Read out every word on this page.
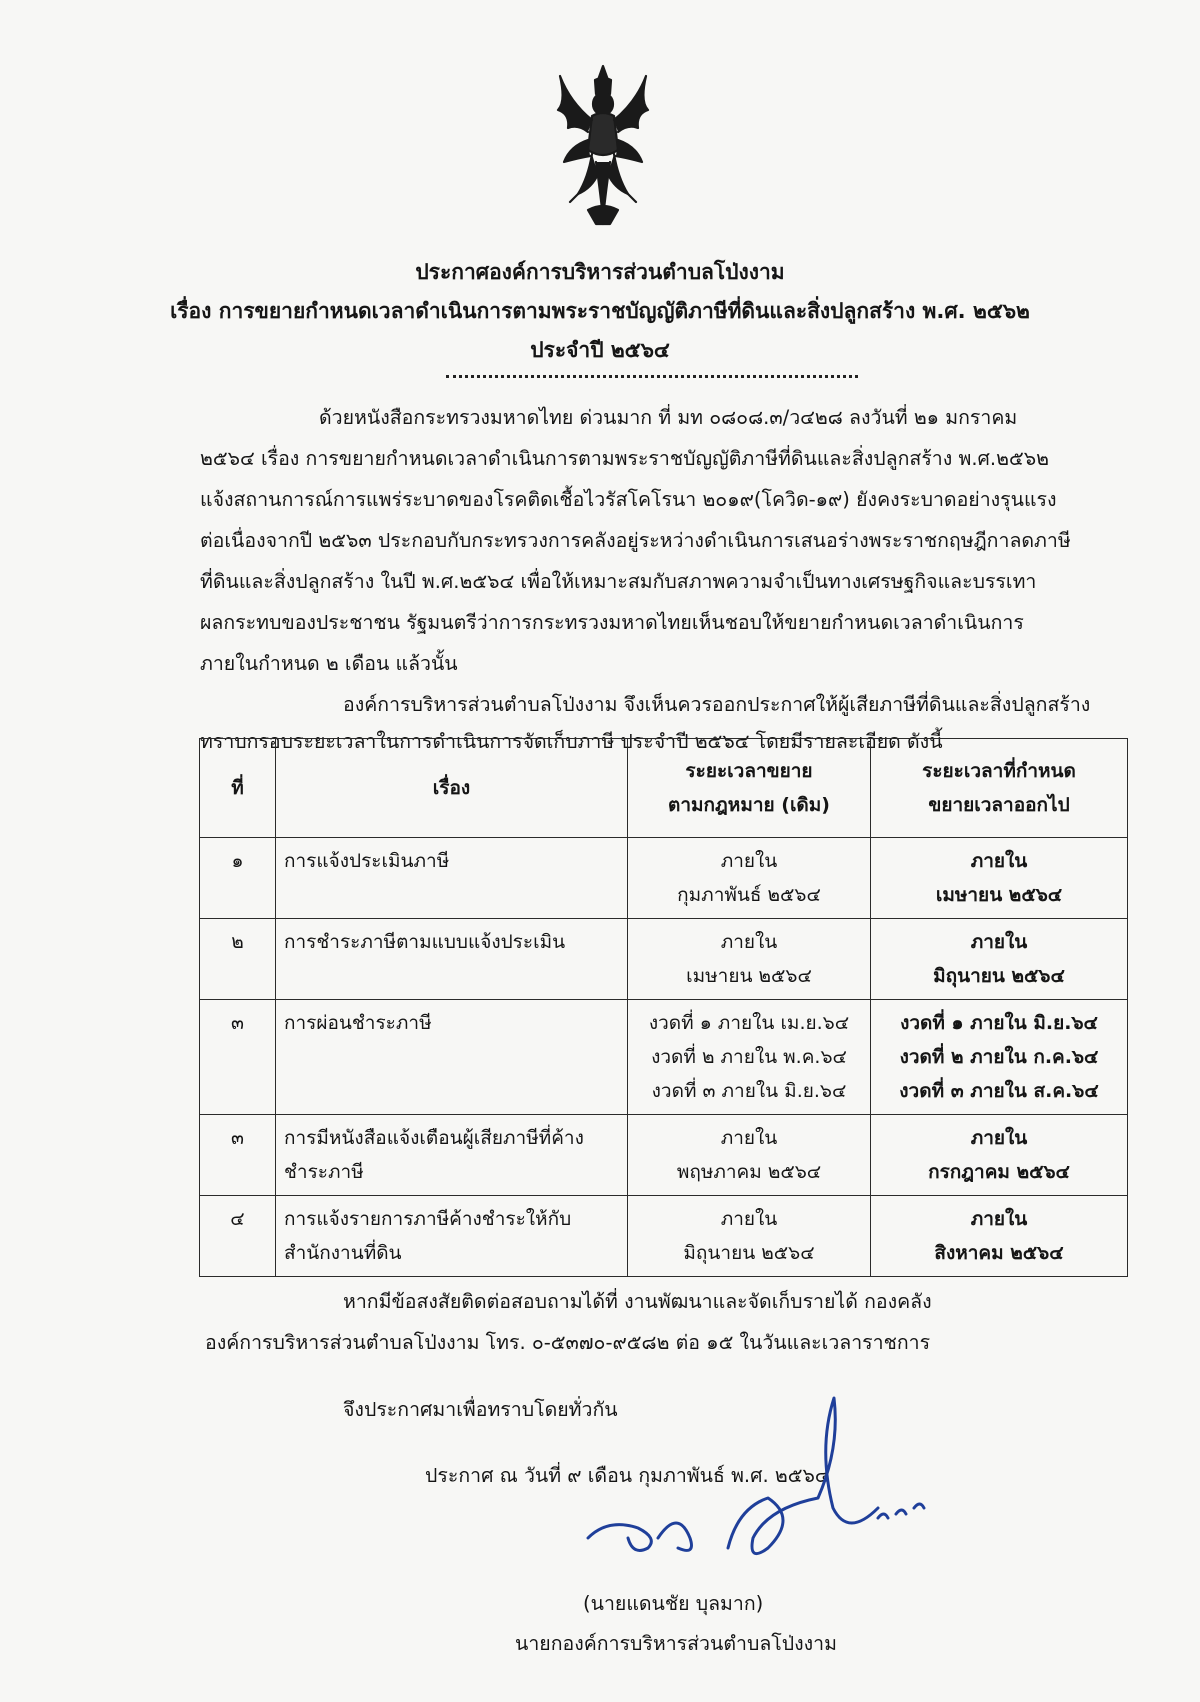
ประกาศองค์การบริหารส่วนตำบลโป่งงาม

เรื่อง การขยายกำหนดเวลาดำเนินการตามพระราชบัญญัติภาษีที่ดินและสิ่งปลูกสร้าง พ.ศ. ๒๕๖๒

ประจำปี ๒๕๖๔

ด้วยหนังสือกระทรวงมหาดไทย ด่วนมาก ที่ มท ๐๘๐๘.๓/ว๔๒๘ ลงวันที่ ๒๑ มกราคม

๒๕๖๔ เรื่อง การขยายกำหนดเวลาดำเนินการตามพระราชบัญญัติภาษีที่ดินและสิ่งปลูกสร้าง พ.ศ.๒๕๖๒

แจ้งสถานการณ์การแพร่ระบาดของโรคติดเชื้อไวรัสโคโรนา ๒๐๑๙(โควิด-๑๙) ยังคงระบาดอย่างรุนแรง

ต่อเนื่องจากปี ๒๕๖๓ ประกอบกับกระทรวงการคลังอยู่ระหว่างดำเนินการเสนอร่างพระราชกฤษฎีกาลดภาษี

ที่ดินและสิ่งปลูกสร้าง ในปี พ.ศ.๒๕๖๔ เพื่อให้เหมาะสมกับสภาพความจำเป็นทางเศรษฐกิจและบรรเทา

ผลกระทบของประชาชน รัฐมนตรีว่าการกระทรวงมหาดไทยเห็นชอบให้ขยายกำหนดเวลาดำเนินการ

ภายในกำหนด ๒ เดือน แล้วนั้น

องค์การบริหารส่วนตำบลโป่งงาม จึงเห็นควรออกประกาศให้ผู้เสียภาษีที่ดินและสิ่งปลูกสร้าง

ทราบกรอบระยะเวลาในการดำเนินการจัดเก็บภาษี ประจำปี ๒๕๖๔ โดยมีรายละเอียด ดังนี้

ที่	เรื่อง	ระยะเวลาขยาย
ตามกฎหมาย (เดิม)	ระยะเวลาที่กำหนด
ขยายเวลาออกไป

๑	การแจ้งประเมินภาษี	ภายใน
กุมภาพันธ์ ๒๕๖๔	ภายใน
เมษายน ๒๕๖๔

๒	การชำระภาษีตามแบบแจ้งประเมิน	ภายใน
เมษายน ๒๕๖๔	ภายใน
มิถุนายน ๒๕๖๔

๓	การผ่อนชำระภาษี	งวดที่ ๑ ภายใน เม.ย.๖๔
งวดที่ ๒ ภายใน พ.ค.๖๔
งวดที่ ๓ ภายใน มิ.ย.๖๔	งวดที่ ๑ ภายใน มิ.ย.๖๔
งวดที่ ๒ ภายใน ก.ค.๖๔
งวดที่ ๓ ภายใน ส.ค.๖๔

๓	การมีหนังสือแจ้งเตือนผู้เสียภาษีที่ค้าง
ชำระภาษี	ภายใน
พฤษภาคม ๒๕๖๔	ภายใน
กรกฎาคม ๒๕๖๔

๔	การแจ้งรายการภาษีค้างชำระให้กับ
สำนักงานที่ดิน	ภายใน
มิถุนายน ๒๕๖๔	ภายใน
สิงหาคม ๒๕๖๔

หากมีข้อสงสัยติดต่อสอบถามได้ที่ งานพัฒนาและจัดเก็บรายได้ กองคลัง

องค์การบริหารส่วนตำบลโป่งงาม โทร. ๐-๕๓๗๐-๙๕๘๒ ต่อ ๑๕ ในวันและเวลาราชการ

จึงประกาศมาเพื่อทราบโดยทั่วกัน

ประกาศ ณ วันที่ ๙ เดือน กุมภาพันธ์ พ.ศ. ๒๕๖๔

(นายแดนชัย บุลมาก)

นายกองค์การบริหารส่วนตำบลโป่งงาม
